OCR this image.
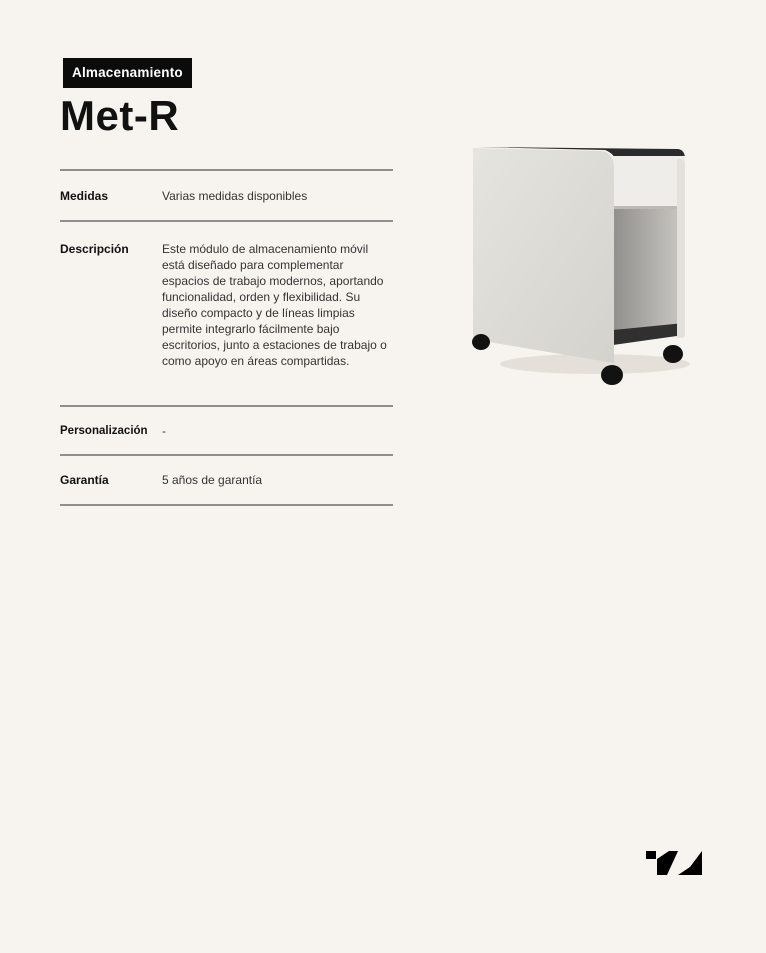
Almacenamiento
Met-R
Medidas	Varias medidas disponibles
Descripción	Este módulo de almacenamiento móvil está diseñado para complementar espacios de trabajo modernos, aportando funcionalidad, orden y flexibilidad. Su diseño compacto y de líneas limpias permite integrarlo fácilmente bajo escritorios, junto a estaciones de trabajo o como apoyo en áreas compartidas.
Personalización	-
Garantía	5 años de garantía
